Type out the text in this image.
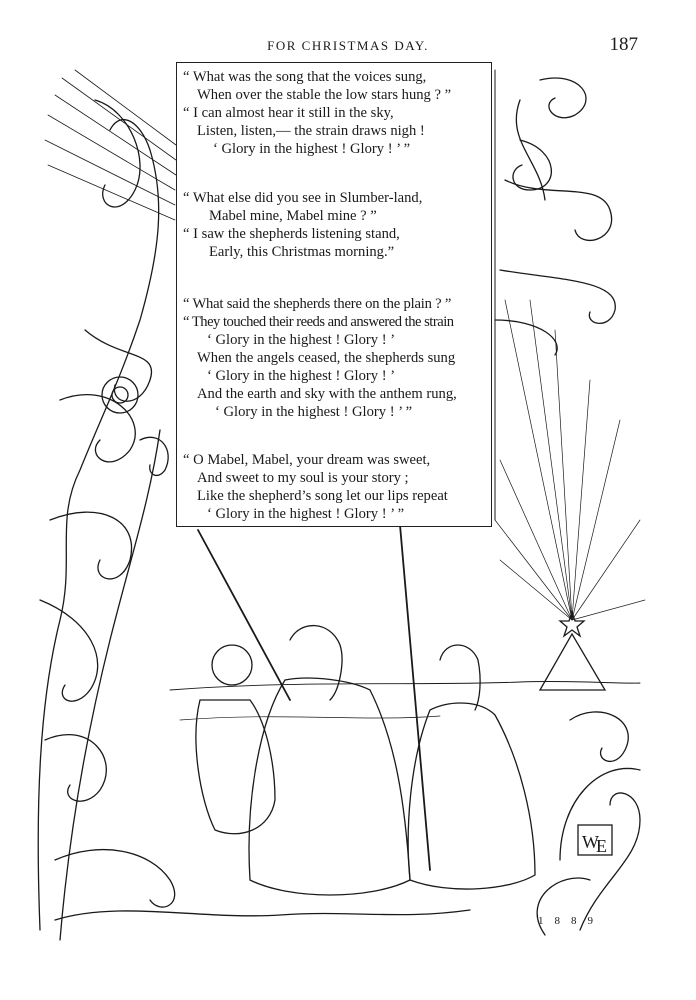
FOR CHRISTMAS DAY.	187
W
E
“ What was the song that the voices sung,
When over the stable the low stars hung ? ”
“ I can almost hear it still in the sky,
Listen, listen,— the strain draws nigh !
‘ Glory in the highest ! Glory ! ’ ”
“ What else did you see in Slumber-land,
Mabel mine, Mabel mine ? ”
“ I saw the shepherds listening stand,
Early, this Christmas morning.”
“ What said the shepherds there on the plain ? ”
“ They touched their reeds and answered the strain
‘ Glory in the highest ! Glory ! ’
When the angels ceased, the shepherds sung
‘ Glory in the highest ! Glory ! ’
And the earth and sky with the anthem rung,
‘ Glory in the highest ! Glory ! ’ ”
“ O Mabel, Mabel, your dream was sweet,
And sweet to my soul is your story ;
Like the shepherd’s song let our lips repeat
‘ Glory in the highest ! Glory ! ’ ”
1889
